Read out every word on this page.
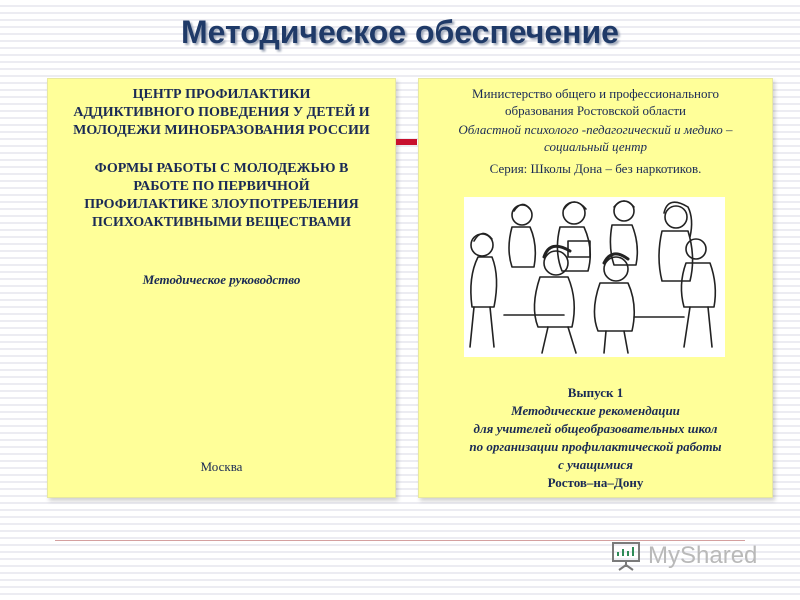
Методическое обеспечение
ЦЕНТР ПРОФИЛАКТИКИ
АДДИКТИВНОГО ПОВЕДЕНИЯ У ДЕТЕЙ И
МОЛОДЕЖИ МИНОБРАЗОВАНИЯ РОССИИ
ФОРМЫ РАБОТЫ С МОЛОДЕЖЬЮ В
РАБОТЕ ПО ПЕРВИЧНОЙ
ПРОФИЛАКТИКЕ ЗЛОУПОТРЕБЛЕНИЯ
ПСИХОАКТИВНЫМИ ВЕЩЕСТВАМИ
Методическое руководство
Москва
Министерство общего и профессионального
образования Ростовской области
Областной психолого -педагогический и медико –
социальный центр
Серия: Школы Дона – без наркотиков.
Выпуск 1
Методические рекомендации
для учителей общеобразовательных школ
по организации профилактической работы
с учащимися
Ростов–на–Дону
MyShared
